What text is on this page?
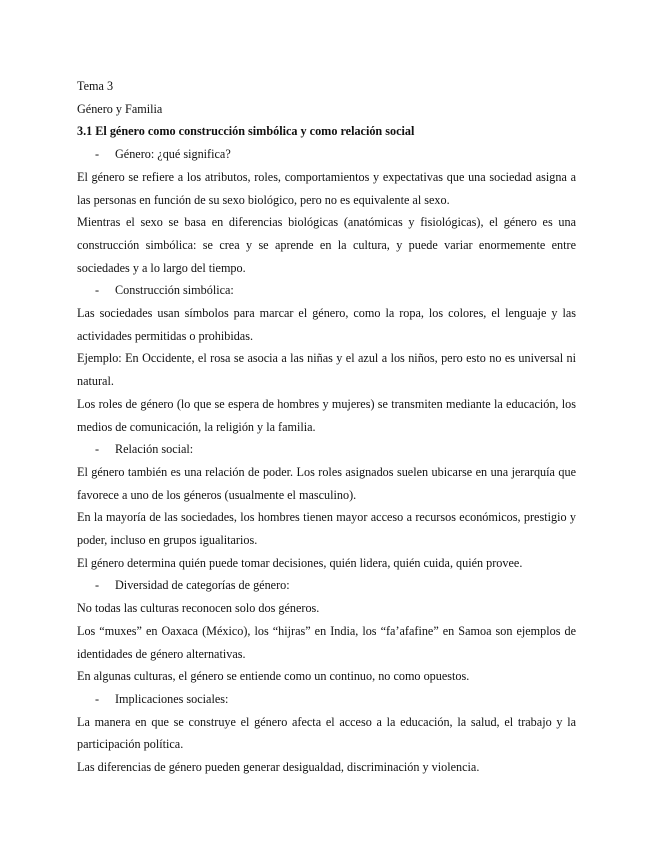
Tema 3
Género y Familia
3.1 El género como construcción simbólica y como relación social
-	Género: ¿qué significa?

El género se refiere a los atributos, roles, comportamientos y expectativas que una sociedad asigna a las personas en función de su sexo biológico, pero no es equivalente al sexo.

Mientras el sexo se basa en diferencias biológicas (anatómicas y fisiológicas), el género es una construcción simbólica: se crea y se aprende en la cultura, y puede variar enormemente entre sociedades y a lo largo del tiempo.

-	Construcción simbólica:

Las sociedades usan símbolos para marcar el género, como la ropa, los colores, el lenguaje y las actividades permitidas o prohibidas.

Ejemplo: En Occidente, el rosa se asocia a las niñas y el azul a los niños, pero esto no es universal ni natural.

Los roles de género (lo que se espera de hombres y mujeres) se transmiten mediante la educación, los medios de comunicación, la religión y la familia.

-	Relación social:

El género también es una relación de poder. Los roles asignados suelen ubicarse en una jerarquía que favorece a uno de los géneros (usualmente el masculino).

En la mayoría de las sociedades, los hombres tienen mayor acceso a recursos económicos, prestigio y poder, incluso en grupos igualitarios.

El género determina quién puede tomar decisiones, quién lidera, quién cuida, quién provee.

-	Diversidad de categorías de género:

No todas las culturas reconocen solo dos géneros.

Los “muxes” en Oaxaca (México), los “hijras” en India, los “fa’afafine” en Samoa son ejemplos de identidades de género alternativas.

En algunas culturas, el género se entiende como un continuo, no como opuestos.

-	Implicaciones sociales:

La manera en que se construye el género afecta el acceso a la educación, la salud, el trabajo y la participación política.

Las diferencias de género pueden generar desigualdad, discriminación y violencia.
